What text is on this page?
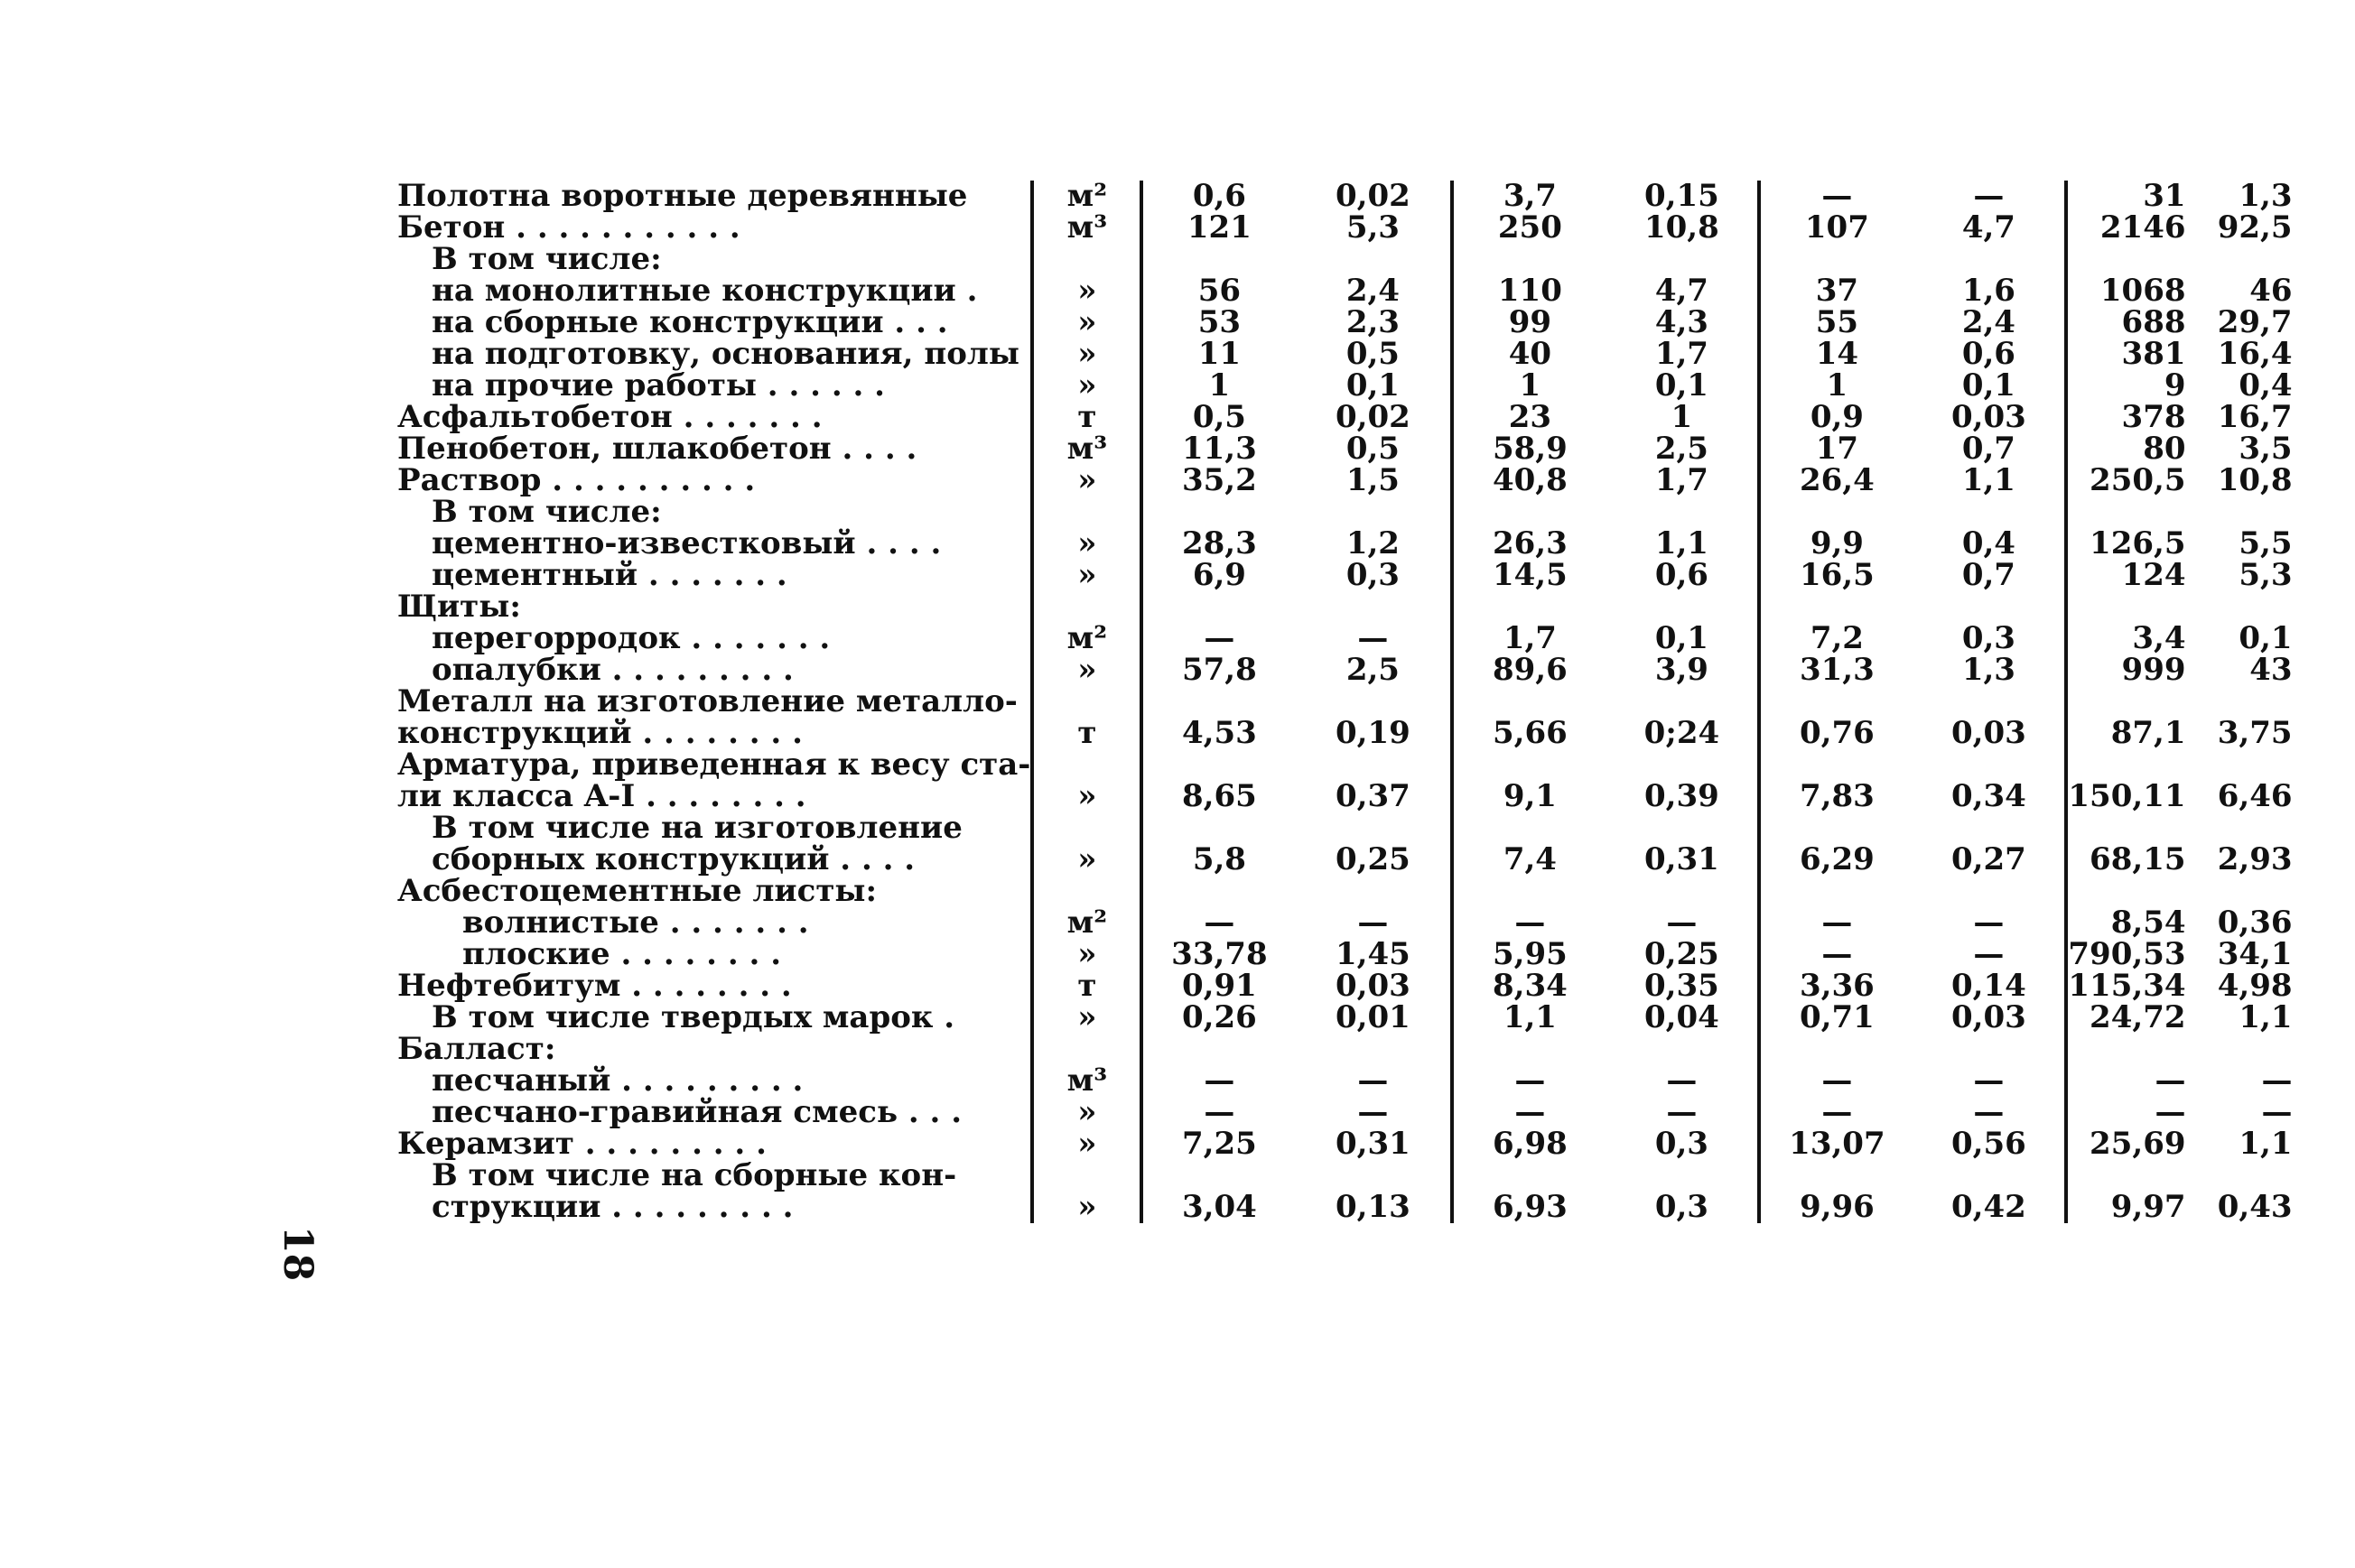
18
Полотна воротные деревянные	м²	0,6	0,02	3,7	0,15	—	—	31	1,3
Бетон . . . . . . . . . . .	м³	121	5,3	250	10,8	107	4,7	2146	92,5
В том числе:									
на монолитные конструкции .	»	56	2,4	110	4,7	37	1,6	1068	46
на сборные конструкции . . .	»	53	2,3	99	4,3	55	2,4	688	29,7
на подготовку, основания, полы	»	11	0,5	40	1,7	14	0,6	381	16,4
на прочие работы . . . . . .	»	1	0,1	1	0,1	1	0,1	9	0,4
Асфальтобетон . . . . . . .	т	0,5	0,02	23	1	0,9	0,03	378	16,7
Пенобетон, шлакобетон . . . .	м³	11,3	0,5	58,9	2,5	17	0,7	80	3,5
Раствор . . . . . . . . . .	»	35,2	1,5	40,8	1,7	26,4	1,1	250,5	10,8
В том числе:									
цементно-известковый . . . .	»	28,3	1,2	26,3	1,1	9,9	0,4	126,5	5,5
цементный . . . . . . .	»	6,9	0,3	14,5	0,6	16,5	0,7	124	5,3
Щиты:									
перегорродок . . . . . . .	м²	—	—	1,7	0,1	7,2	0,3	3,4	0,1
опалубки . . . . . . . . .	»	57,8	2,5	89,6	3,9	31,3	1,3	999	43
Металл на изготовление металло-									
конструкций . . . . . . . .	т	4,53	0,19	5,66	0;24	0,76	0,03	87,1	3,75
Арматура, приведенная к весу ста-									
ли класса A-I . . . . . . . .	»	8,65	0,37	9,1	0,39	7,83	0,34	150,11	6,46
В том числе на изготовление									
сборных конструкций . . . .	»	5,8	0,25	7,4	0,31	6,29	0,27	68,15	2,93
Асбестоцементные листы:									
волнистые . . . . . . .	м²	—	—	—	—	—	—	8,54	0,36
плоские . . . . . . . .	»	33,78	1,45	5,95	0,25	—	—	790,53	34,1
Нефтебитум . . . . . . . .	т	0,91	0,03	8,34	0,35	3,36	0,14	115,34	4,98
В том числе твердых марок .	»	0,26	0,01	1,1	0,04	0,71	0,03	24,72	1,1
Балласт:									
песчаный . . . . . . . . .	м³	—	—	—	—	—	—	—	—
песчано-гравийная смесь . . .	»	—	—	—	—	—	—	—	—
Керамзит . . . . . . . . .	»	7,25	0,31	6,98	0,3	13,07	0,56	25,69	1,1
В том числе на сборные кон-									
струкции . . . . . . . . .	»	3,04	0,13	6,93	0,3	9,96	0,42	9,97	0,43
